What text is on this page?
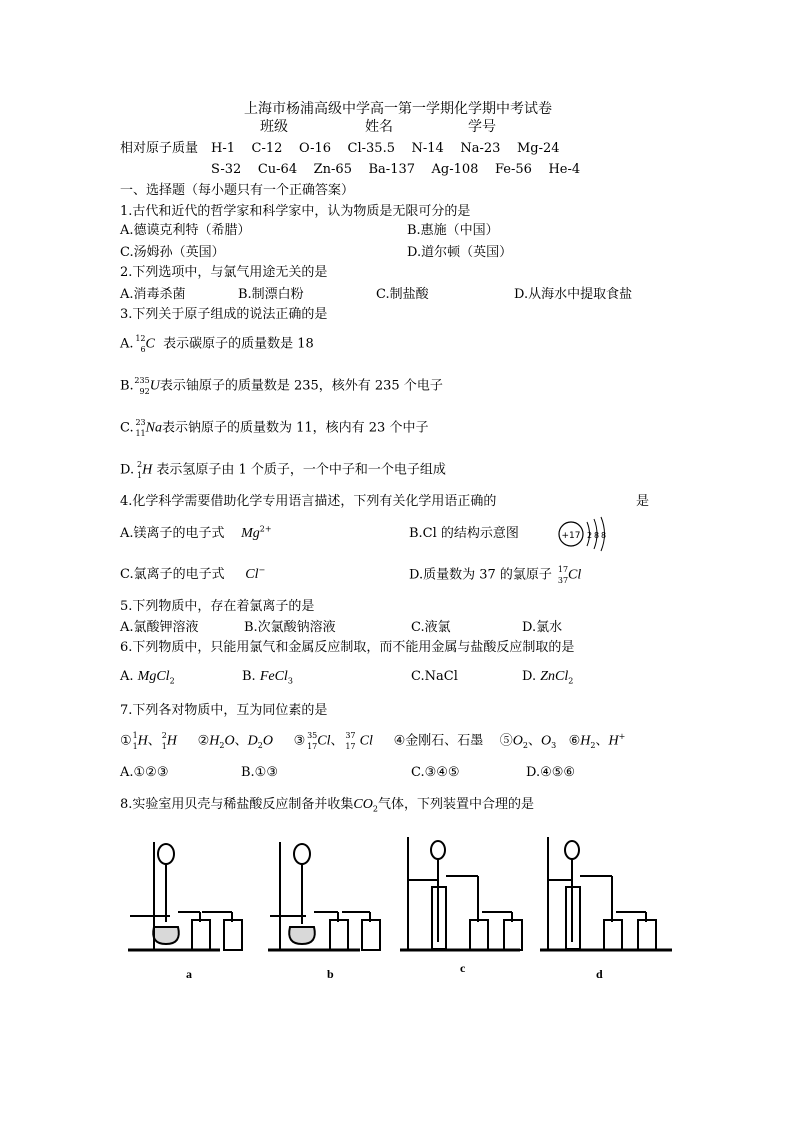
上海市杨浦高级中学高一第一学期化学期中考试卷
班级	姓名	学号
相对原子质量 H-1    C-12    O-16    Cl-35.5    N-14    Na-23    Mg-24
S-32    Cu-64    Zn-65    Ba-137    Ag-108    Fe-56    He-4
一、选择题（每小题只有一个正确答案）
1.古代和近代的哲学家和科学家中，认为物质是无限可分的是
A.德谟克利特（希腊）	B.惠施（中国）
C.汤姆孙（英国）	D.道尔顿（英国）
2.下列选项中，与氯气用途无关的是
A.消毒杀菌	B.制漂白粉	C.制盐酸	D.从海水中提取食盐
3.下列关于原子组成的说法正确的是
A. 12
6 C 表示碳原子的质量数是 18
B. 235
92 U表示铀原子的质量数是 235，核外有 235 个电子
C. 23
11 Na表示钠原子的质量数为 11，核内有 23 个中子
D. 2
1 H 表示氢原子由 1 个质子，一个中子和一个电子组成
4.化学科学需要借助化学专用语言描述，下列有关化学用语正确的	是
A.镁离子的电子式 $Mg^{2+}$	B.Cl 的结构示意图	+17 2 8 8
C.氯离子的电子式 Cl−	D.质量数为 37 的氯原子 17
37 Cl
5.下列物质中，存在着氯离子的是
A.氯酸钾溶液	B.次氯酸钠溶液	C.液氯	D.氯水
6.下列物质中，只能用氯气和金属反应制取，而不能用金属与盐酸反应制取的是
A. MgCl$_2$	B. FeCl$_3$	C.NaCl	D. ZnCl$_2$
7.下列各对物质中，互为同位素的是
① 1
1 H、 2
1 H $②H_2O$、$D_2O$ ③ 35
17 Cl、 37
17 Cl ④金刚石、石墨 $⑤O_2$、$O_3$ $⑥H_2$、H+
A.①②③	B.①③	C.③④⑤	D.④⑤⑥
8.实验室用贝壳与稀盐酸反应制备并收集$CO_2$气体，下列装置中合理的是
a	b	c	d
